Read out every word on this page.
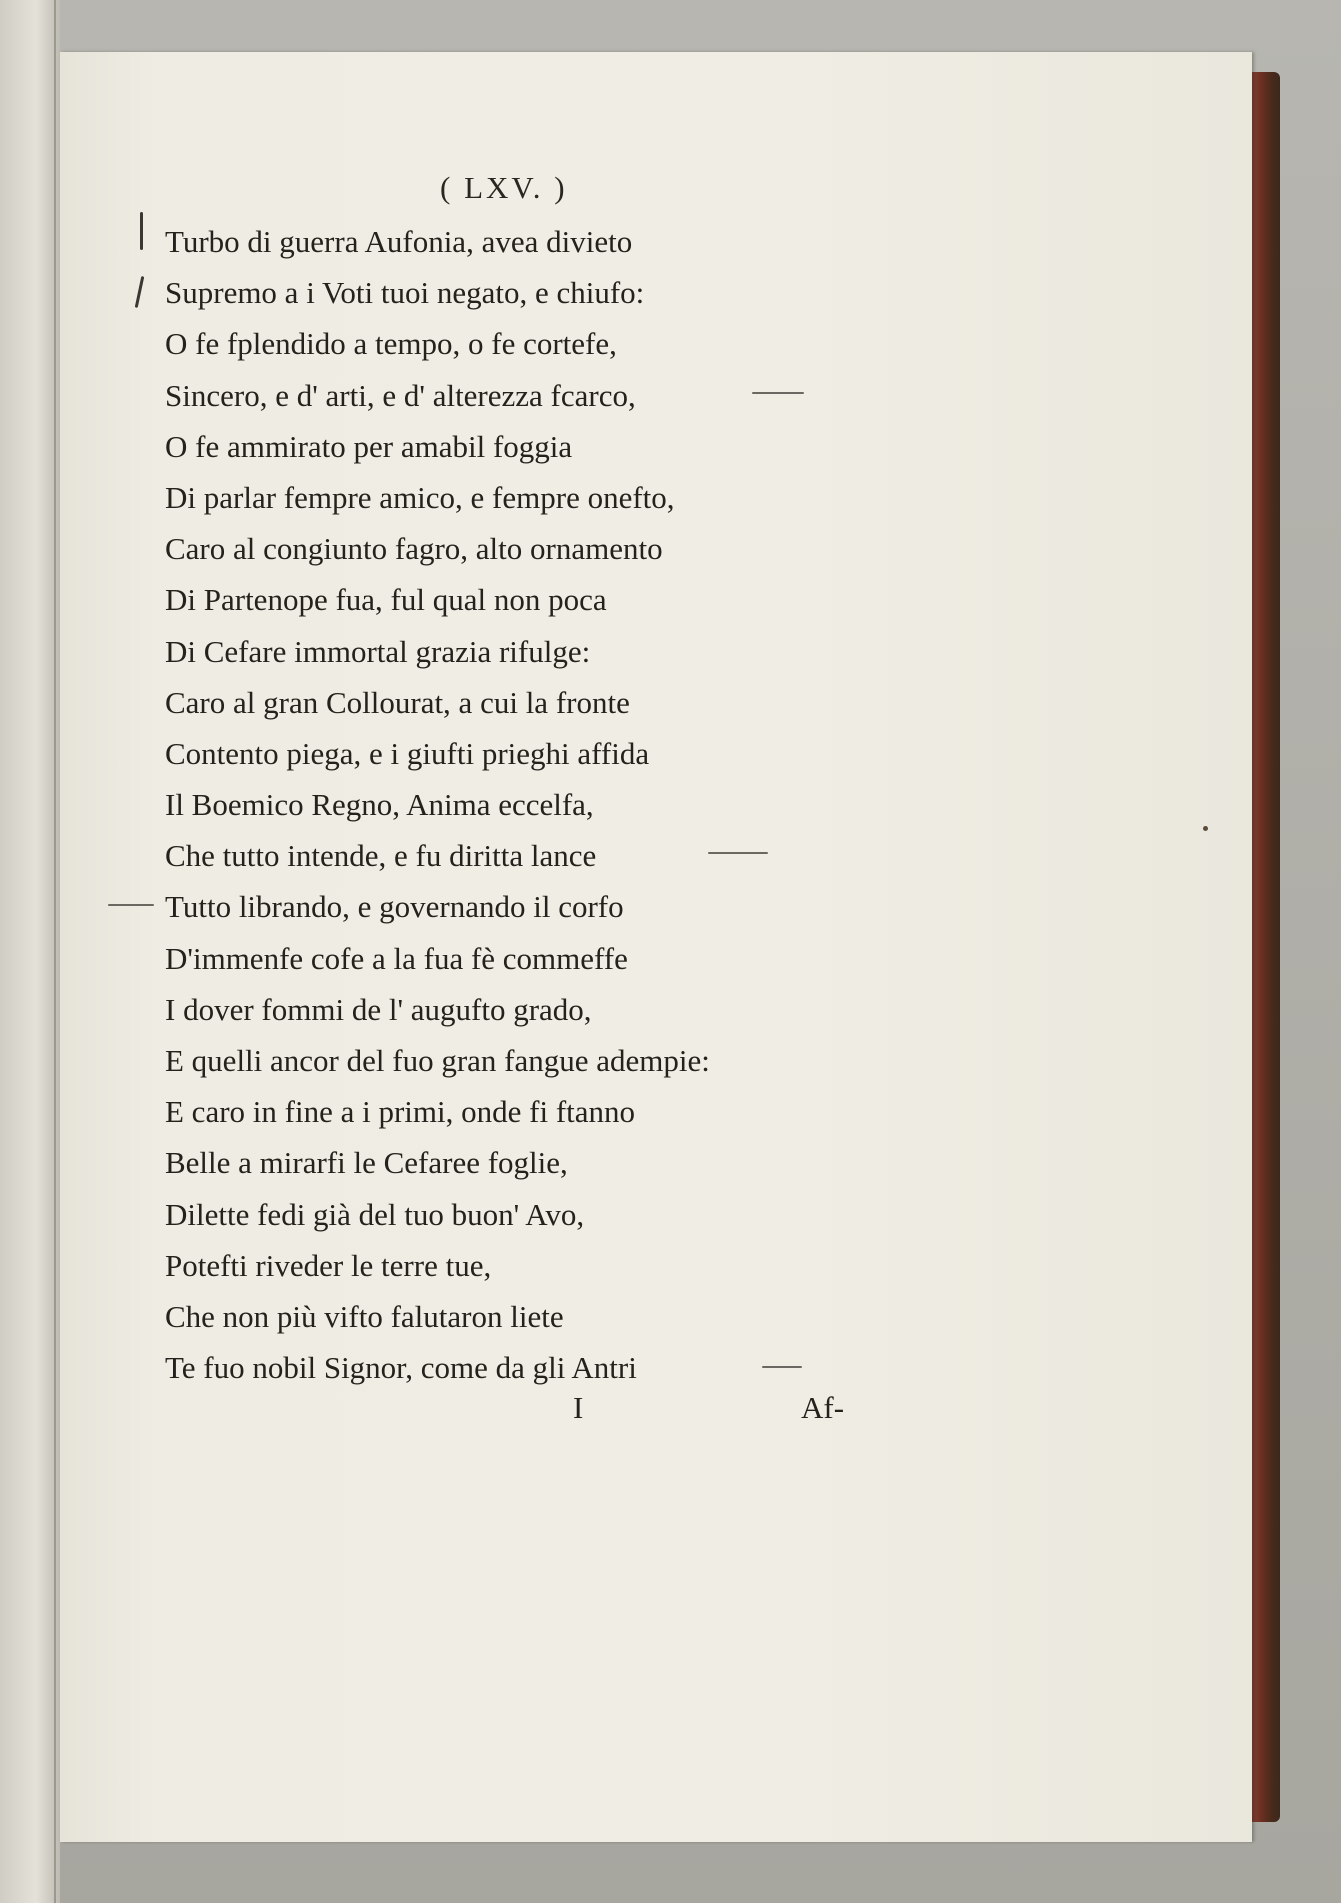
( LXV. )
Turbo di guerra Aufonia, avea divieto
Supremo a i Voti tuoi negato, e chiufo:
O fe fplendido a tempo, o fe cortefe,
Sincero, e d' arti, e d' alterezza fcarco,
O fe ammirato per amabil foggia
Di parlar fempre amico, e fempre onefto,
Caro al congiunto fagro, alto ornamento
Di Partenope fua, ful qual non poca
Di Cefare immortal grazia rifulge:
Caro al gran Collourat, a cui la fronte
Contento piega, e i giufti prieghi affida
Il Boemico Regno, Anima eccelfa,
Che tutto intende, e fu diritta lance
Tutto librando, e governando il corfo
D'immenfe cofe a la fua fè commeffe
I dover fommi de l' augufto grado,
E quelli ancor del fuo gran fangue adempie:
E caro in fine a i primi, onde fi ftanno
Belle a mirarfi le Cefaree foglie,
Dilette fedi già del tuo buon' Avo,
Potefti riveder le terre tue,
Che non più vifto falutaron liete
Te fuo nobil Signor, come da gli Antri
I	Af-
